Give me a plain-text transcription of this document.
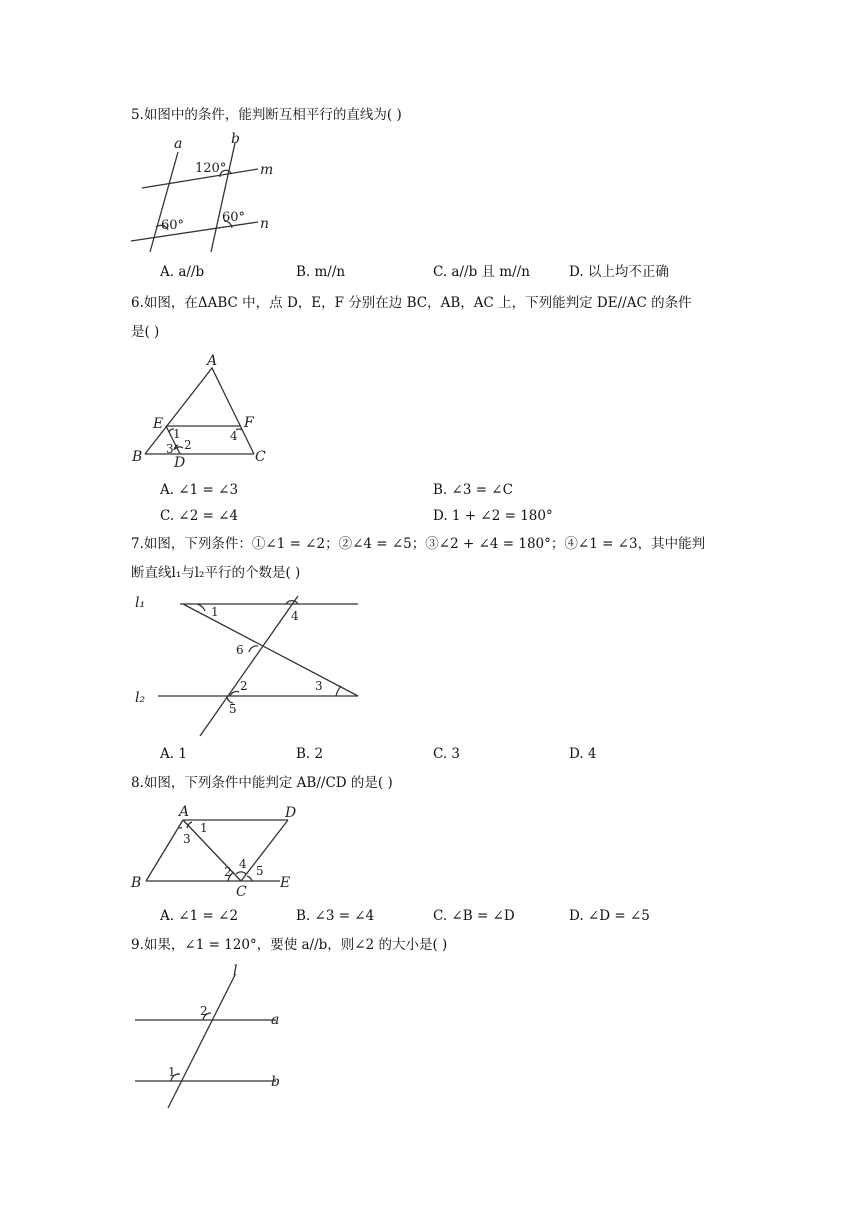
5.如图中的条件，能判断互相平行的直线为( )
a	b
m
n
120°
60°
60°
A. a//b	B. m//n	C. a//b 且 m//n	D. 以上均不正确
6.如图，在ΔABC 中，点 D，E，F 分别在边 BC，AB，AC 上，下列能判定 DE//AC 的条件
是( )
A
B	C
D
E	F
1
2
3
4
A. ∠1 = ∠3	B. ∠3 = ∠C
C. ∠2 = ∠4	D. 1 + ∠2 = 180°
7.如图，下列条件：①∠1 = ∠2；②∠4 = ∠5；③∠2 + ∠4 = 180°；④∠1 = ∠3，其中能判
断直线l₁与l₂平行的个数是( )
l₁
l₂
1
2	3
4
5
6
A. 1	B. 2	C. 3	D. 4
8.如图，下列条件中能判定 AB//CD 的是( )
A
B
C
D
E
1
2
3
4 5
A. ∠1 = ∠2	B. ∠3 = ∠4	C. ∠B = ∠D	D. ∠D = ∠5
9.如果，∠1 = 120°，要使 a//b，则∠2 的大小是( )
l
a
b
1
2
